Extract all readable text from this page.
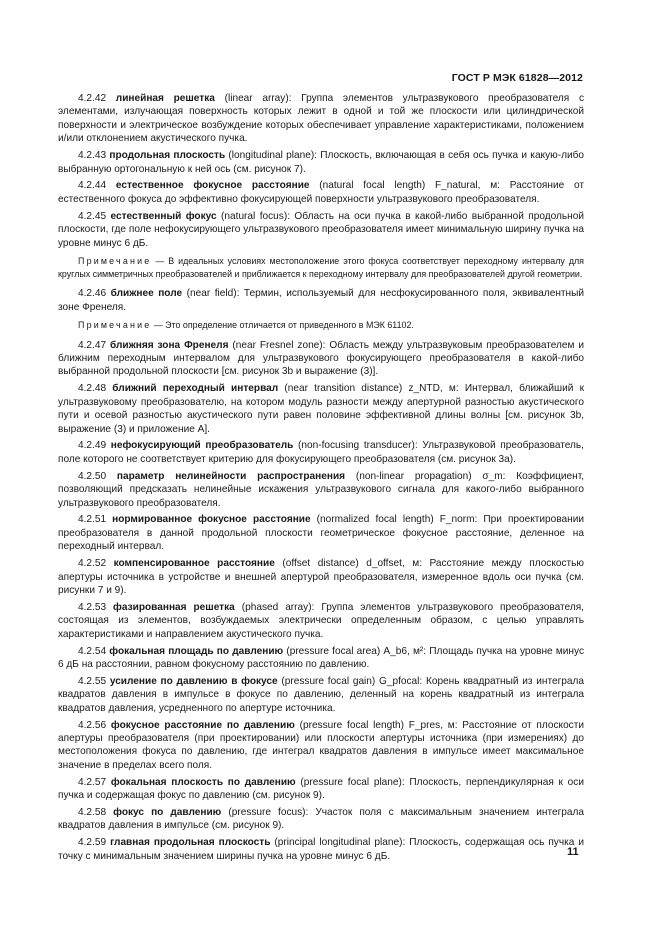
ГОСТ Р МЭК 61828—2012

4.2.42 линейная решетка (linear array): Группа элементов ультразвукового преобразователя с элементами, излучающая поверхность которых лежит в одной и той же плоскости или цилиндрической поверхности и электрическое возбуждение которых обеспечивает управление характеристиками, положением и/или отклонением акустического пучка.

4.2.43 продольная плоскость (longitudinal plane): Плоскость, включающая в себя ось пучка и какую-либо выбранную ортогональную к ней ось (см. рисунок 7).

4.2.44 естественное фокусное расстояние (natural focal length) F_natural, м: Расстояние от естественного фокуса до эффективно фокусирующей поверхности ультразвукового преобразователя.

4.2.45 естественный фокус (natural focus): Область на оси пучка в какой-либо выбранной продольной плоскости, где поле нефокусирующего ультразвукового преобразователя имеет минимальную ширину пучка на уровне минус 6 дБ.

Примечание — В идеальных условиях местоположение этого фокуса соответствует переходному интервалу для круглых симметричных преобразователей и приближается к переходному интервалу для преобразователей другой геометрии.

4.2.46 ближнее поле (near field): Термин, используемый для несфокусированного поля, эквивалентный зоне Френеля.

Примечание — Это определение отличается от приведенного в МЭК 61102.

4.2.47 ближняя зона Френеля (near Fresnel zone): Область между ультразвуковым преобразователем и ближним переходным интервалом для ультразвукового фокусирующего преобразователя в какой-либо выбранной продольной плоскости [см. рисунок 3b и выражение (3)].

4.2.48 ближний переходный интервал (near transition distance) z_NTD, м: Интервал, ближайший к ультразвуковому преобразователю, на котором модуль разности между апертурной разностью акустического пути и осевой разностью акустического пути равен половине эффективной длины волны [см. рисунок 3b, выражение (3) и приложение А].

4.2.49 нефокусирующий преобразователь (non-focusing transducer): Ультразвуковой преобразователь, поле которого не соответствует критерию для фокусирующего преобразователя (см. рисунок 3а).

4.2.50 параметр нелинейности распространения (non-linear propagation) σ_m: Коэффициент, позволяющий предсказать нелинейные искажения ультразвукового сигнала для какого-либо выбранного ультразвукового преобразователя.

4.2.51 нормированное фокусное расстояние (normalized focal length) F_norm: При проектировании преобразователя в данной продольной плоскости геометрическое фокусное расстояние, деленное на переходный интервал.

4.2.52 компенсированное расстояние (offset distance) d_offset, м: Расстояние между плоскостью апертуры источника в устройстве и внешней апертурой преобразователя, измеренное вдоль оси пучка (см. рисунки 7 и 9).

4.2.53 фазированная решетка (phased array): Группа элементов ультразвукового преобразователя, состоящая из элементов, возбуждаемых электрически определенным образом, с целью управлять характеристиками и направлением акустического пучка.

4.2.54 фокальная площадь по давлению (pressure focal area) A_b6, м²: Площадь пучка на уровне минус 6 дБ на расстоянии, равном фокусному расстоянию по давлению.

4.2.55 усиление по давлению в фокусе (pressure focal gain) G_pfocal: Корень квадратный из интеграла квадратов давления в импульсе в фокусе по давлению, деленный на корень квадратный из интеграла квадратов давления, усредненного по апертуре источника.

4.2.56 фокусное расстояние по давлению (pressure focal length) F_pres, м: Расстояние от плоскости апертуры преобразователя (при проектировании) или плоскости апертуры источника (при измерениях) до местоположения фокуса по давлению, где интеграл квадратов давления в импульсе имеет максимальное значение в пределах всего поля.

4.2.57 фокальная плоскость по давлению (pressure focal plane): Плоскость, перпендикулярная к оси пучка и содержащая фокус по давлению (см. рисунок 9).

4.2.58 фокус по давлению (pressure focus): Участок поля с максимальным значением интеграла квадратов давления в импульсе (см. рисунок 9).

4.2.59 главная продольная плоскость (principal longitudinal plane): Плоскость, содержащая ось пучка и точку с минимальным значением ширины пучка на уровне минус 6 дБ.	11
